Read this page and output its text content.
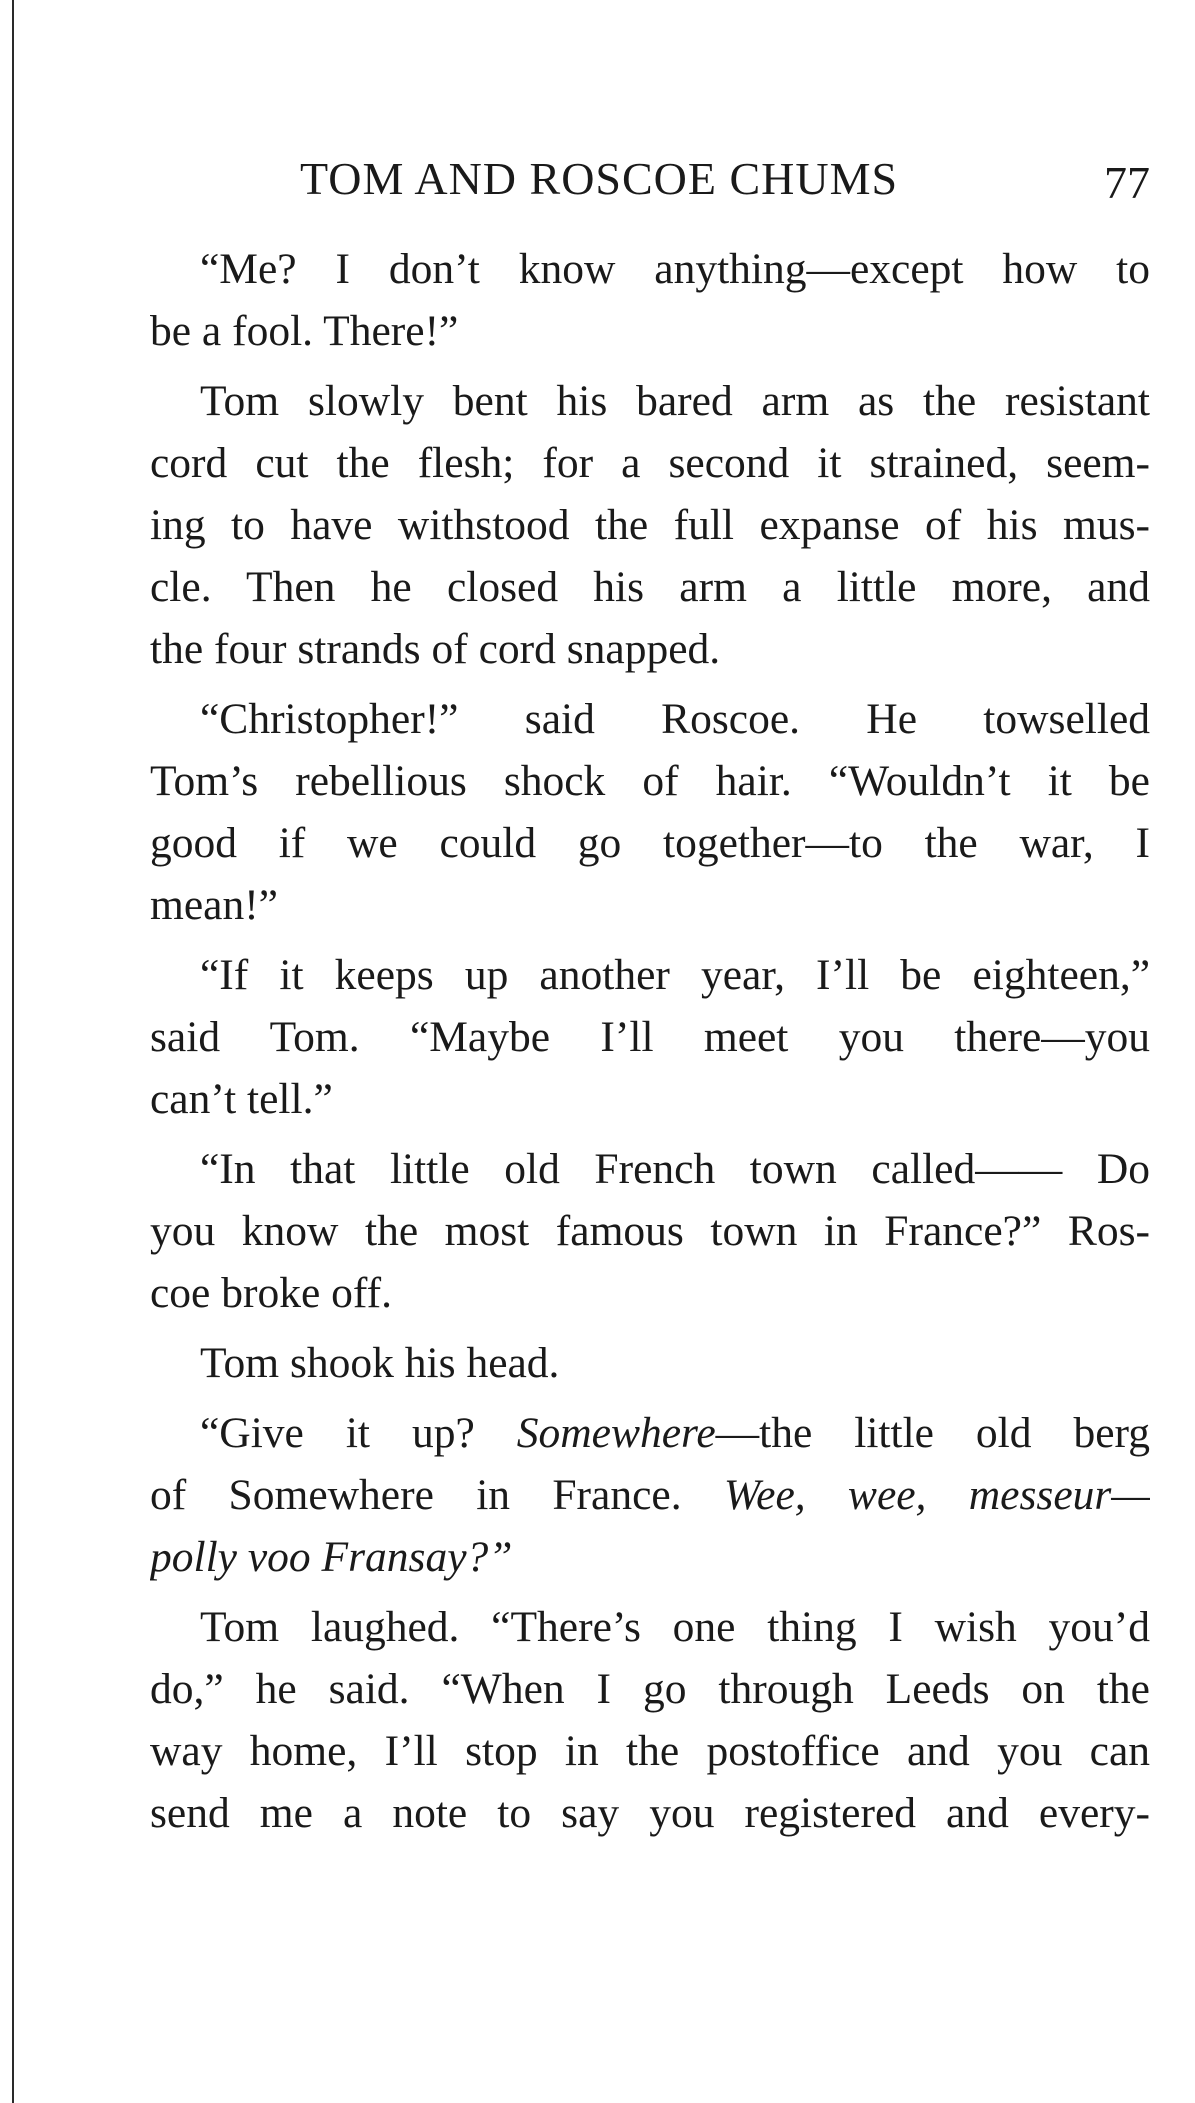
TOM AND ROSCOE CHUMS	77
“Me? I don’t know anything—except how to
be a fool. There!”
Tom slowly bent his bared arm as the resistant
cord cut the flesh; for a second it strained, seem-
ing to have withstood the full expanse of his mus-
cle. Then he closed his arm a little more, and
the four strands of cord snapped.
“Christopher!” said Roscoe. He towselled
Tom’s rebellious shock of hair. “Wouldn’t it be
good if we could go together—to the war, I
mean!”
“If it keeps up another year, I’ll be eighteen,”
said Tom. “Maybe I’ll meet you there—you
can’t tell.”
“In that little old French town called—— Do
you know the most famous town in France?” Ros-
coe broke off.
Tom shook his head.
“Give it up? Somewhere—the little old berg
of Somewhere in France. Wee, wee, messeur—
polly voo Fransay?”
Tom laughed. “There’s one thing I wish you’d
do,” he said. “When I go through Leeds on the
way home, I’ll stop in the postoffice and you can
send me a note to say you registered and every-
